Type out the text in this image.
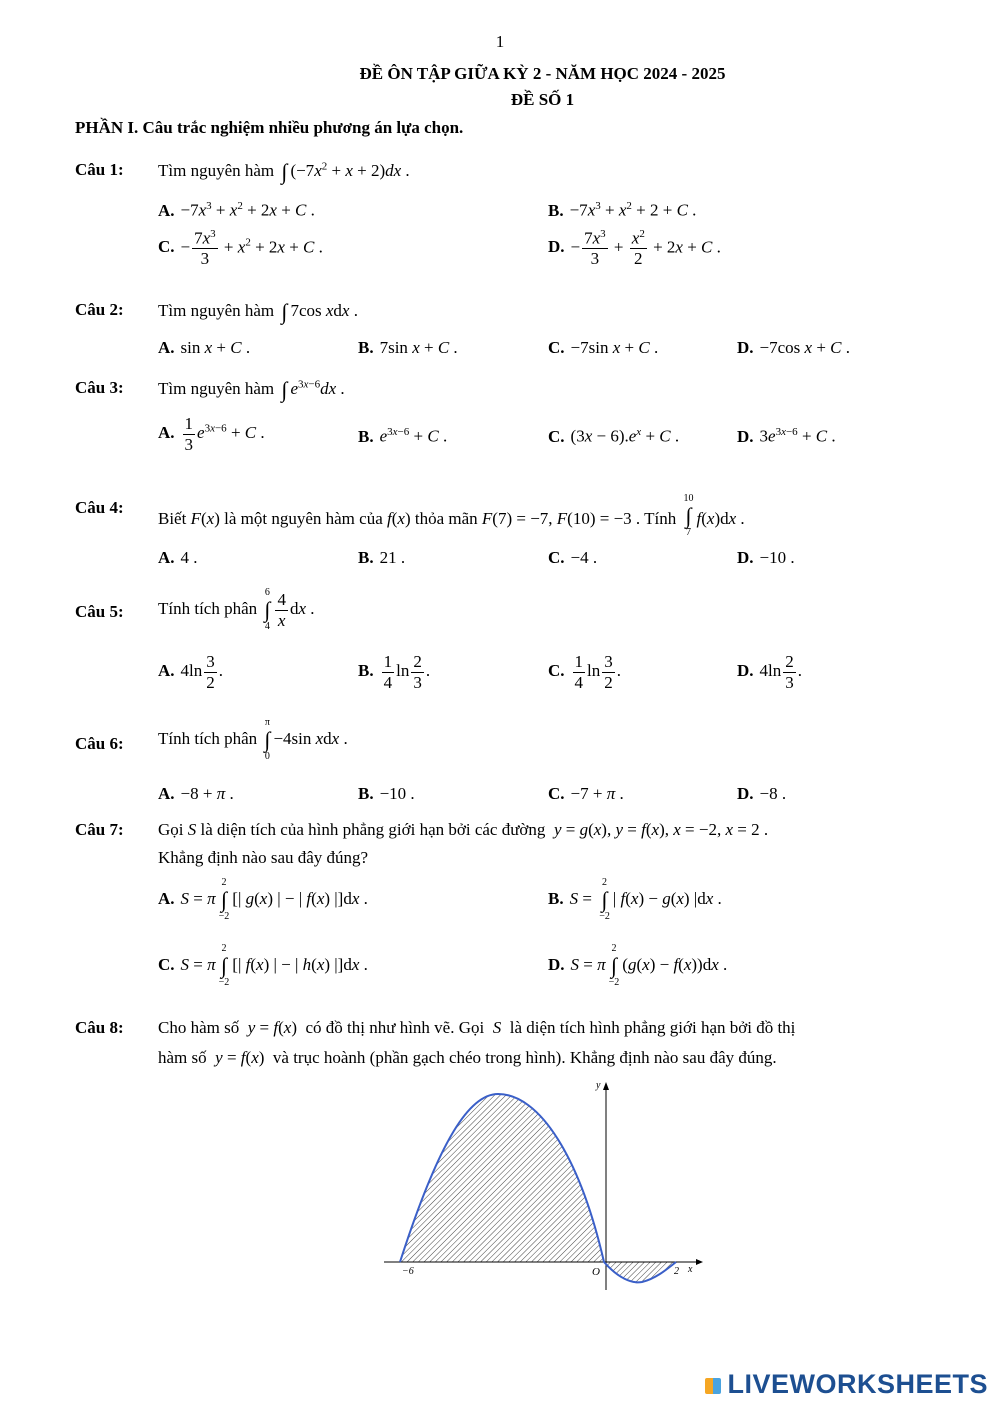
1
ĐỀ ÔN TẬP GIỮA KỲ 2 - NĂM HỌC 2024 - 2025
ĐỀ SỐ 1
PHẦN I. Câu trắc nghiệm nhiều phương án lựa chọn.
Câu 1: Tìm nguyên hàm ∫ $(-7x^2 + x + 2)dx$ .
A. $-7x^3 + x^2 + 2x + C$ .	B. $-7x^3 + x^2 + 2 + C$ .
C. − $\frac{7x^3}{3} + x^2 + 2x + C$ .	D. − $\frac{7x^3}{3} + \frac{x^2}{2} + 2x + C$ .
Câu 2: Tìm nguyên hàm ∫ 7cos xdx .
A. sin x + C .	B. 7sin x + C .	C. −7sin x + C .	D. −7cos x + C .
Câu 3: Tìm nguyên hàm ∫ $e^{3x-6}dx$ .
A. $\frac{1}{3} e^{3x-6} + C$ .	B. $e^{3x-6} + C$ .	C. $(3x - 6).e^x + C$ .	D. $3e^{3x-6} + C$ .
Câu 4:
Biết F(x) là một nguyên hàm của f(x) thỏa mãn F(7) = −7, F(10) = −3 . Tính
10
∫
7
f(x)dx .
A. 4 .	B. 21 .	C. −4 .	D. −10 .
Câu 5: Tính tích phân
6
∫
$4 \frac{4}{x}$ dx .
A. $4\ln \frac{3}{2}$ .	B. $\frac{1}{4}$ $\ln \frac{2}{3}$ .	C. $\frac{1}{4}$ $\ln \frac{3}{2}$ .	D. $4\ln \frac{2}{3}$ .
Câu 6: Tính tích phân
π
∫
0
−4sin xdx .
A. −8 + π .	B. −10 .	C. −7 + π .	D. −8 .
Câu 7: Gọi S là diện tích của hình phẳng giới hạn bởi các đường  y = g(x), y = f(x), x = −2, x = 2 .
Khẳng định nào sau đây đúng?
A. S = π
2
∫
−2
[| g(x) | − | f(x) |]dx .	B. S =
2
∫
−2
| f(x) − g(x) |dx .
C. S = π
2
∫
−2
[| f(x) | − | h(x) |]dx .	D. S = π
2
∫
−2
(g(x) − f(x))dx .
Câu 8: Cho hàm số  y = f(x)  có đồ thị như hình vẽ. Gọi  S  là diện tích hình phẳng giới hạn bởi đồ thị
hàm số  y = f(x)  và trục hoành (phần gạch chéo trong hình). Khẳng định nào sau đây đúng.
−6	O	2 x
y
LIVEWORKSHEETS
